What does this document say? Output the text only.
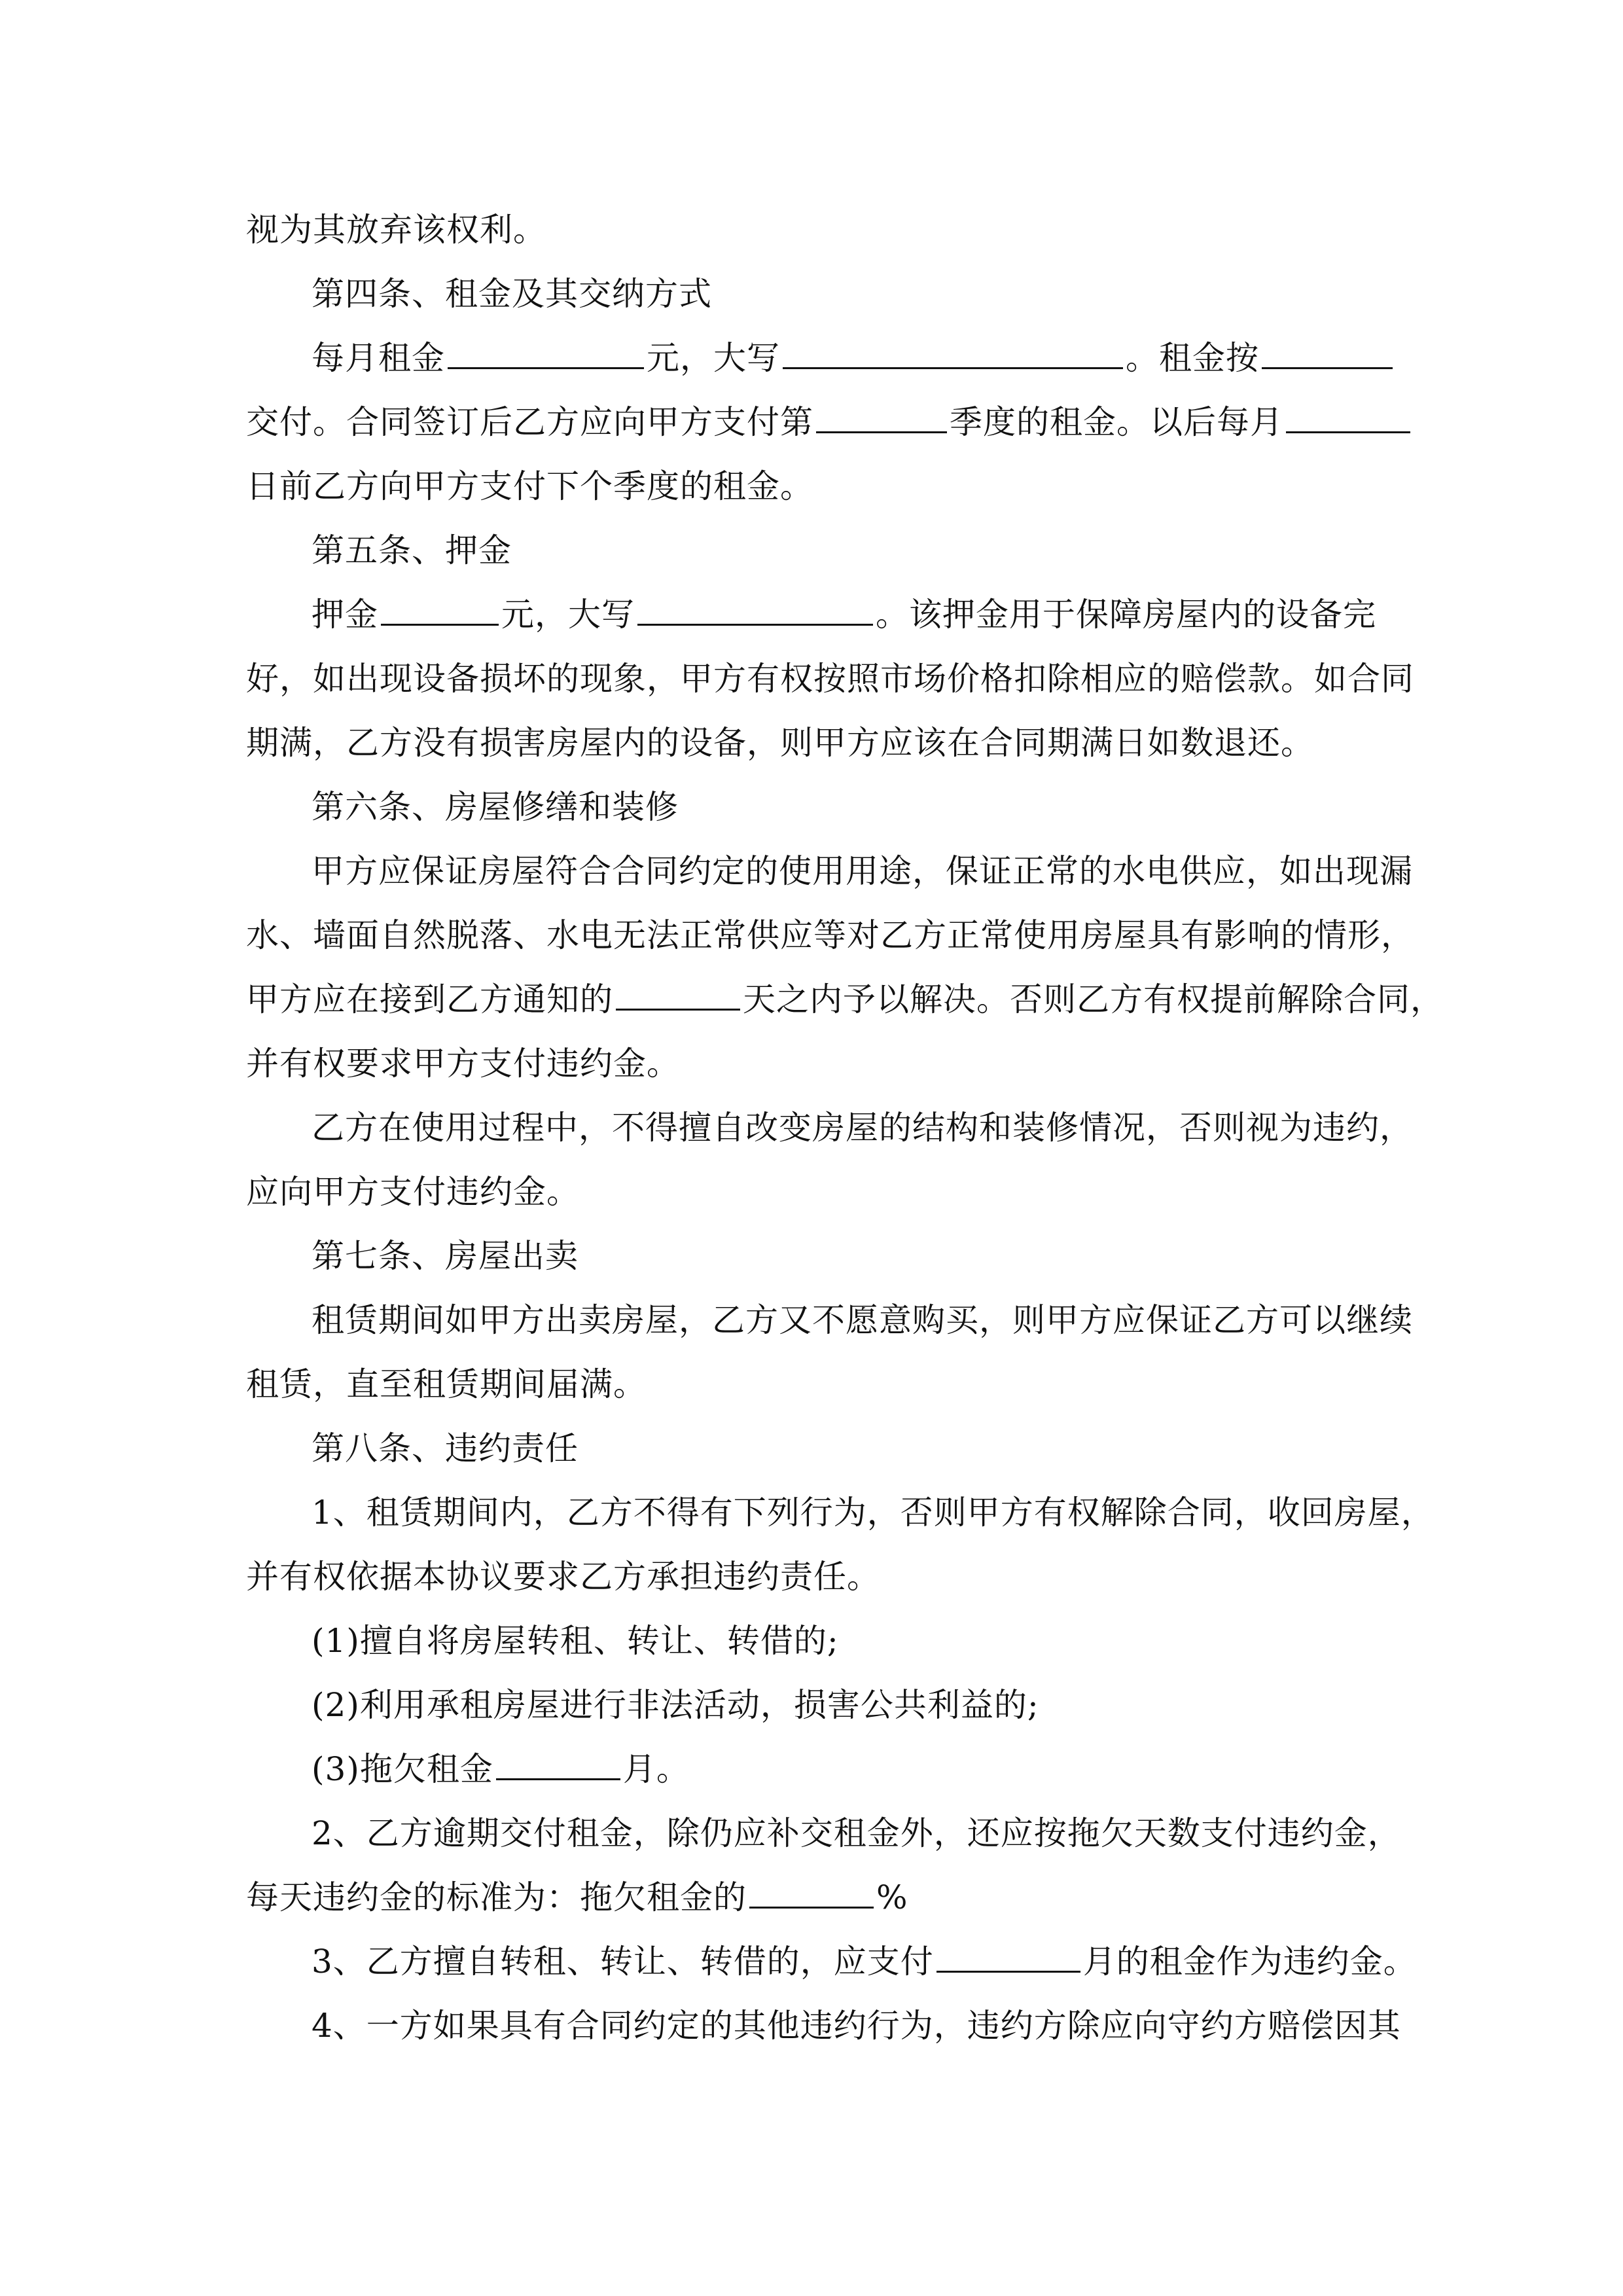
视为其放弃该权利。
第四条、租金及其交纳方式
每月租金	元，大写	。租金按
交付。合同签订后乙方应向甲方支付第	季度的租金。以后每月
日前乙方向甲方支付下个季度的租金。
第五条、押金
押金	元，大写	。该押金用于保障房屋内的设备完
好，如出现设备损坏的现象，甲方有权按照市场价格扣除相应的赔偿款。如合同
期满，乙方没有损害房屋内的设备，则甲方应该在合同期满日如数退还。
第六条、房屋修缮和装修
甲方应保证房屋符合合同约定的使用用途，保证正常的水电供应，如出现漏
水、墙面自然脱落、水电无法正常供应等对乙方正常使用房屋具有影响的情形，
甲方应在接到乙方通知的	天之内予以解决。否则乙方有权提前解除合同，
并有权要求甲方支付违约金。
乙方在使用过程中，不得擅自改变房屋的结构和装修情况，否则视为违约，
应向甲方支付违约金。
第七条、房屋出卖
租赁期间如甲方出卖房屋，乙方又不愿意购买，则甲方应保证乙方可以继续
租赁，直至租赁期间届满。
第八条、违约责任
1、租赁期间内，乙方不得有下列行为，否则甲方有权解除合同，收回房屋，
并有权依据本协议要求乙方承担违约责任。
(1)擅自将房屋转租、转让、转借的;
(2)利用承租房屋进行非法活动，损害公共利益的;
(3)拖欠租金	月。
2、乙方逾期交付租金，除仍应补交租金外，还应按拖欠天数支付违约金，
每天违约金的标准为：拖欠租金的	%
3、乙方擅自转租、转让、转借的，应支付	月的租金作为违约金。
4、一方如果具有合同约定的其他违约行为，违约方除应向守约方赔偿因其
